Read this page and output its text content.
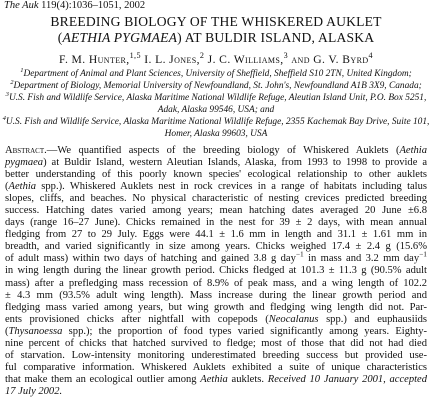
The Auk 119(4):1036–1051, 2002
BREEDING BIOLOGY OF THE WHISKERED AUKLET
(AETHIA PYGMAEA) AT BULDIR ISLAND, ALASKA
F. M. Hunter,$^{1,5}$ I. L. Jones,$^2$ J. C. Williams,$^3$ and G. V. Byrd$^4$
$^1$Department of Animal and Plant Sciences, University of Sheffield, Sheffield S10 2TN, United Kingdom;
$^2$Department of Biology, Memorial University of Newfoundland, St. John's, Newfoundland A1B 3X9, Canada;
$^3$U.S. Fish and Wildlife Service, Alaska Maritime National Wildlife Refuge, Aleutian Island Unit, P.O. Box 5251,
Adak, Alaska 99546, USA; and
$^4$U.S. Fish and Wildlife Service, Alaska Maritime National Wildlife Refuge, 2355 Kachemak Bay Drive, Suite 101,
Homer, Alaska 99603, USA
Abstract.—We quantified aspects of the breeding biology of Whiskered Auklets (Aethia
pygmaea) at Buldir Island, western Aleutian Islands, Alaska, from 1993 to 1998 to provide a
better understanding of this poorly known species' ecological relationship to other auklets
(Aethia spp.). Whiskered Auklets nest in rock crevices in a range of habitats including talus
slopes, cliffs, and beaches. No physical characteristic of nesting crevices predicted breeding
success. Hatching dates varied among years; mean hatching dates averaged 20 June ±6.8
days (range 16–27 June). Chicks remained in the nest for 39 ± 2 days, with mean annual
fledging from 27 to 29 July. Eggs were 44.1 ± 1.6 mm in length and 31.1 ± 1.61 mm in
breadth, and varied significantly in size among years. Chicks weighed 17.4 ± 2.4 g (15.6%
of adult mass) within two days of hatching and gained 3.8 g day$^{-1}$ in mass and 3.2 mm day$^{-1}$
in wing length during the linear growth period. Chicks fledged at 101.3 ± 11.3 g (90.5% adult
mass) after a prefledging mass recession of 8.9% of peak mass, and a wing length of 102.2
± 4.3 mm (93.5% adult wing length). Mass increase during the linear growth period and
fledging mass varied among years, but wing growth and fledging wing length did not. Par-
ents provisioned chicks after nightfall with copepods (Neocalanus spp.) and euphausiids
(Thysanoessa spp.); the proportion of food types varied significantly among years. Eighty-
nine percent of chicks that hatched survived to fledge; most of those that did not had died
of starvation. Low-intensity monitoring underestimated breeding success but provided use-
ful comparative information. Whiskered Auklets exhibited a suite of unique characteristics
that make them an ecological outlier among Aethia auklets. Received 10 January 2001, accepted
17 July 2002.
